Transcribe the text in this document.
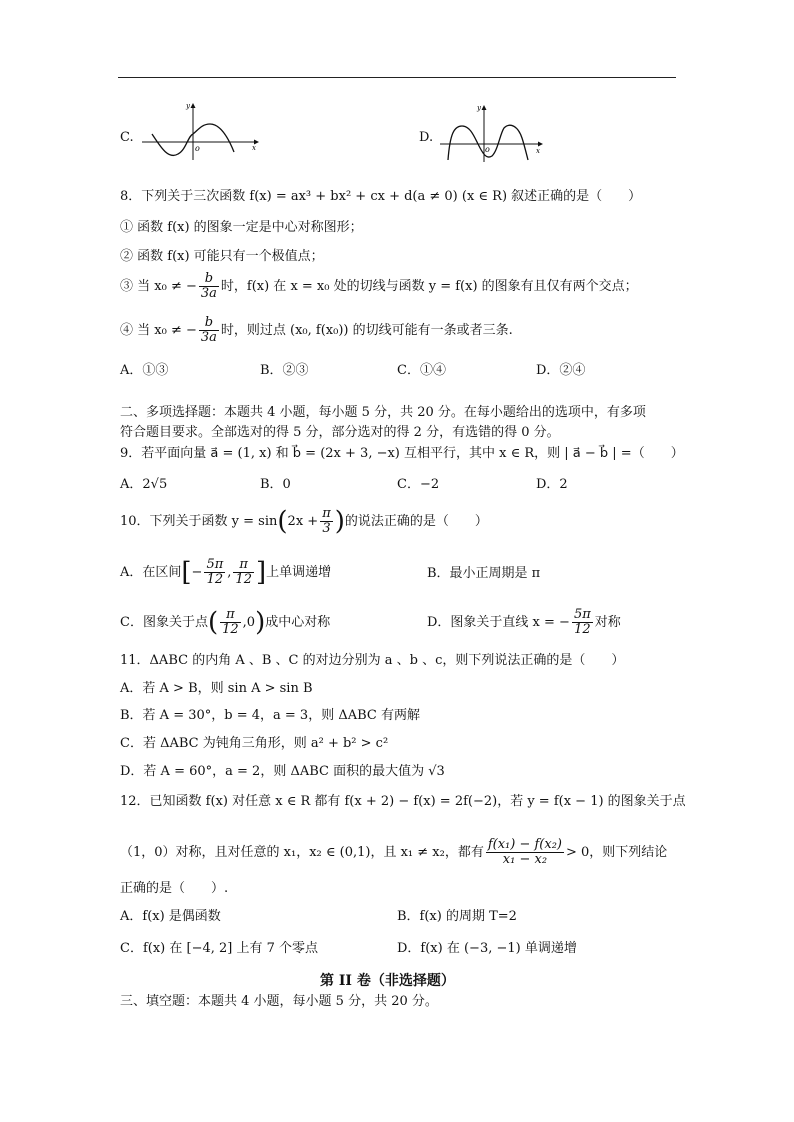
C.
y
x
o
D.
y
x
o
8．下列关于三次函数 f(x) = ax³ + bx² + cx + d(a ≠ 0) (x ∈ R) 叙述正确的是（　　）
① 函数 f(x) 的图象一定是中心对称图形；
② 函数 f(x) 可能只有一个极值点；
③ 当 x₀ ≠ − $\frac{b}{3a}$ 时，f(x) 在 x = x₀ 处的切线与函数 y = f(x) 的图象有且仅有两个交点；
④ 当 x₀ ≠ − $\frac{b}{3a}$ 时，则过点 (x₀, f(x₀)) 的切线可能有一条或者三条.
A．①③	B．②③	C．①④	D．②④
二、多项选择题：本题共 4 小题，每小题 5 分，共 20 分。在每小题给出的选项中，有多项
符合题目要求。全部选对的得 5 分，部分选对的得 2 分，有选错的得 0 分。
9．若平面向量 a⃗ = (1, x) 和 b⃗ = (2x + 3, −x) 互相平行，其中 x ∈ R，则 | a⃗ − b⃗ | =（　　）
A．2√5	B．0	C．−2	D．2
10．下列关于函数 $y = \sin(2x + \frac{\pi}{3}$ )的说法正确的是（　　）
A．在区间[− $\frac{5\pi}{12}$ , $\frac{\pi}{12}$ ]上单调递增	B．最小正周期是 π
C．图象关于点( $\frac{\pi}{12} ,0$)成中心对称	D．图象关于直线 x = − $\frac{5\pi}{12}$ 对称
11．ΔABC 的内角 A 、B 、C 的对边分别为 a 、b 、c，则下列说法正确的是（　　）
A．若 A > B，则 sin A > sin B
B．若 A = 30°，b = 4，a = 3，则 ΔABC 有两解
C．若 ΔABC 为钝角三角形，则 a² + b² > c²
D．若 A = 60°，a = 2，则 ΔABC 面积的最大值为 √3
12．已知函数 f(x) 对任意 x ∈ R 都有 f(x + 2) − f(x) = 2f(−2)，若 y = f(x − 1) 的图象关于点
（1，0）对称，且对任意的 x₁，x₂ ∈ (0,1)，且 x₁ ≠ x₂，都有 $\frac{\text{f(x₁) − f(x₂)}}{\text{x₁ − x₂}} > 0$，则下列结论
正确的是（　　）.
A．f(x) 是偶函数	B．f(x) 的周期 T=2
C．f(x) 在 [−4, 2] 上有 7 个零点	D．f(x) 在 (−3, −1) 单调递增
第 II 卷（非选择题）
三、填空题：本题共 4 小题，每小题 5 分，共 20 分。
